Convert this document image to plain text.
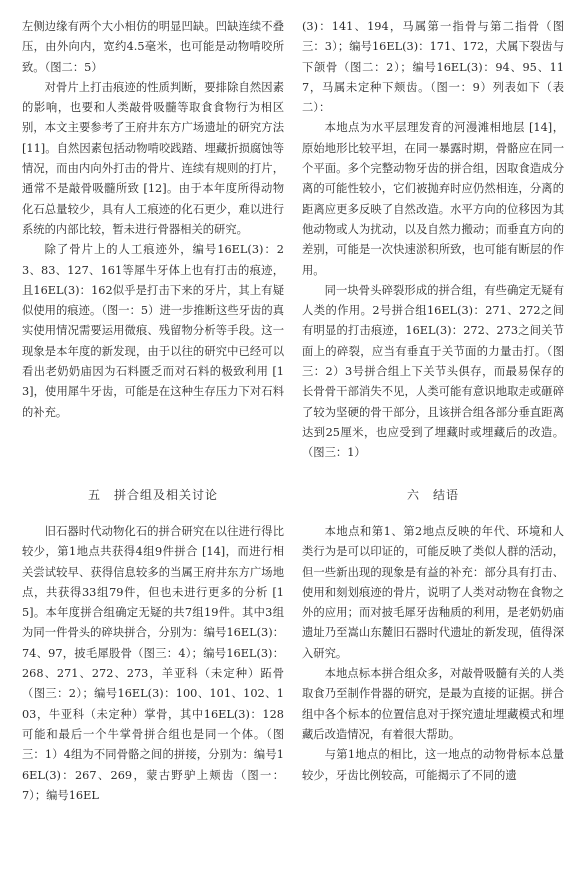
左侧边缘有两个大小相仿的明显凹缺。凹缺连续不叠压，由外向内，宽约4.5毫米，也可能是动物啃咬所致。（图二：5）

对骨片上打击痕迹的性质判断，要排除自然因素的影响，也要和人类敲骨吸髓等取食食物行为相区别，本文主要参考了王府井东方广场遗址的研究方法 [11]。自然因素包括动物啃咬践踏、埋藏折损腐蚀等情况，而由内向外打击的骨片、连续有规则的打片，通常不是敲骨吸髓所致 [12]。由于本年度所得动物化石总量较少，具有人工痕迹的化石更少，难以进行系统的内部比较，暂未进行骨器相关的研究。

除了骨片上的人工痕迹外，编号16EL(3)：23、83、127、161等犀牛牙体上也有打击的痕迹，且16EL(3)：162似乎是打击下来的牙片，其上有疑似使用的痕迹。（图一：5）进一步推断这些牙齿的真实使用情况需要运用微痕、残留物分析等手段。这一现象是本年度的新发现，由于以往的研究中已经可以看出老奶奶庙因为石料匮乏而对石料的极致利用 [13]，使用犀牛牙齿，可能是在这种生存压力下对石料的补充。

(3)：141、194，马属第一指骨与第二指骨（图三：3）；编号16EL(3)：171、172，犬属下裂齿与下颌骨（图二：2）；编号16EL(3)：94、95、117，马属未定种下颊齿。（图一：9）列表如下（表二）：

本地点为水平层理发育的河漫滩相地层 [14]，原始地形比较平坦，在同一暴露时期，骨骼应在同一个平面。多个完整动物牙齿的拼合组，因取食造成分离的可能性较小，它们被抛弃时应仍然相连，分离的距离应更多反映了自然改造。水平方向的位移因为其他动物或人为扰动，以及自然力搬动；而垂直方向的差别，可能是一次快速淤积所致，也可能有断层的作用。

同一块骨头碎裂形成的拼合组，有些确定无疑有人类的作用。2号拼合组16EL(3)：271、272之间有明显的打击痕迹，16EL(3)：272、273之间关节面上的碎裂，应当有垂直于关节面的力量击打。（图三：2）3号拼合组上下关节头俱存，而最易保存的长骨骨干部消失不见，人类可能有意识地取走或砸碎了较为坚硬的骨干部分，且该拼合组各部分垂直距离达到25厘米，也应受到了埋藏时或埋藏后的改造。（图三：1）

五　拼合组及相关讨论	六　结语

旧石器时代动物化石的拼合研究在以往进行得比较少，第1地点共获得4组9件拼合 [14]，而进行相关尝试较早、获得信息较多的当属王府井东方广场地点，共获得33组79件，但也未进行更多的分析 [15]。本年度拼合组确定无疑的共7组19件。其中3组为同一件骨头的碎块拼合，分别为：编号16EL(3)：74、97，披毛犀股骨（图三：4）；编号16EL(3)：268、271、272、273，羊亚科（未定种）跖骨（图三：2）；编号16EL(3)：100、101、102、103，牛亚科（未定种）掌骨，其中16EL(3)：128可能和最后一个牛掌骨拼合组也是同一个体。（图三：1）4组为不同骨骼之间的拼接，分别为：编号16EL(3)：267、269，蒙古野驴上颊齿（图一：7）；编号16EL

本地点和第1、第2地点反映的年代、环境和人类行为是可以印证的，可能反映了类似人群的活动，但一些新出现的现象是有益的补充：部分具有打击、使用和刻划痕迹的骨片，说明了人类对动物在食物之外的应用；而对披毛犀牙齿釉质的利用，是老奶奶庙遗址乃至嵩山东麓旧石器时代遗址的新发现，值得深入研究。

本地点标本拼合组众多，对敲骨吸髓有关的人类取食乃至制作骨器的研究，是最为直接的证据。拼合组中各个标本的位置信息对于探究遗址埋藏模式和埋藏后改造情况，有着很大帮助。

与第1地点的相比，这一地点的动物骨标本总量较少，牙齿比例较高，可能揭示了不同的遗
